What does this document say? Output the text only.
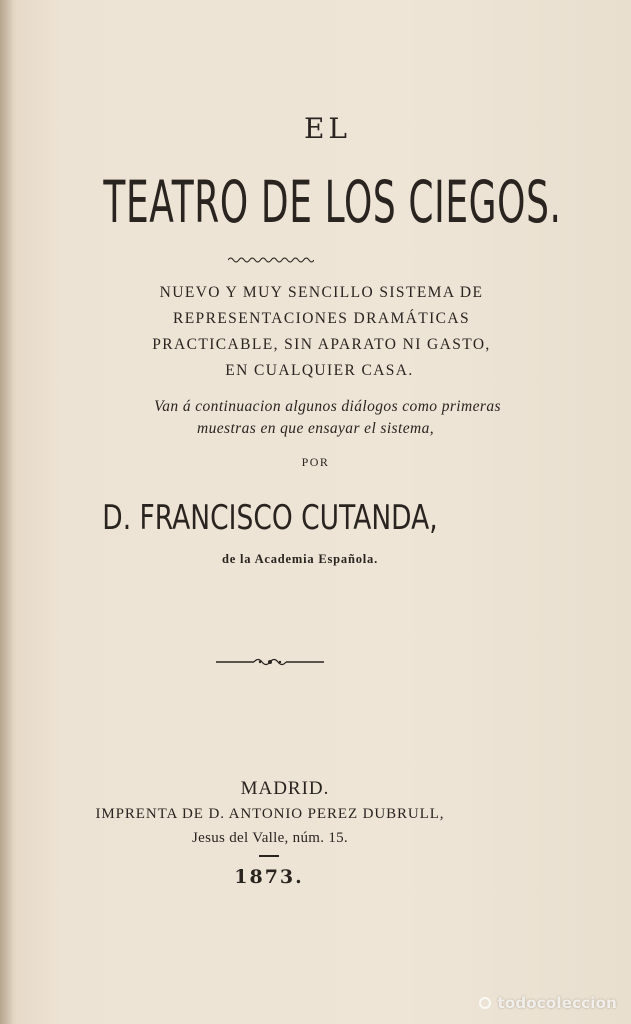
EL
TEATRO DE LOS CIEGOS.
NUEVO Y MUY SENCILLO SISTEMA DE
REPRESENTACIONES DRAMÁTICAS
PRACTICABLE, SIN APARATO NI GASTO,
EN CUALQUIER CASA.
Van á continuacion algunos diálogos como primeras
muestras en que ensayar el sistema,
POR
D. FRANCISCO CUTANDA,
de la Academia Española.
MADRID.
IMPRENTA DE D. ANTONIO PEREZ DUBRULL,
Jesus del Valle, núm. 15.
1873.
todocoleccion
